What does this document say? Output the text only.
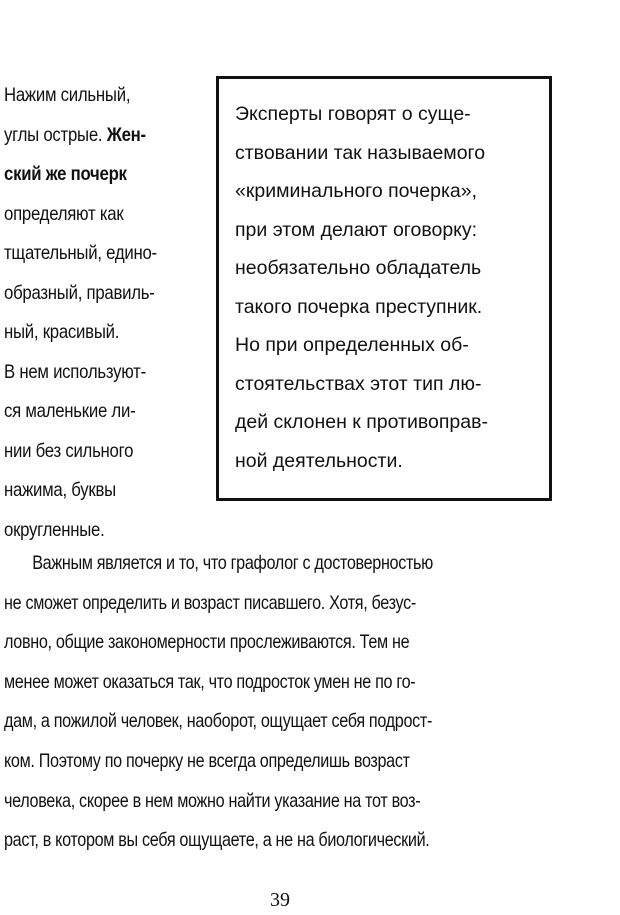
Нажим сильный,
углы острые. Жен-
ский же почерк
определяют как
тщательный, едино-
образный, правиль-
ный, красивый.
В нем используют-
ся маленькие ли-
нии без сильного
нажима, буквы
округленные.
Эксперты говорят о суще-
ствовании так называемого
«криминального почерка»,
при этом делают оговорку:
необязательно обладатель
такого почерка преступник.
Но при определенных об-
стоятельствах этот тип лю-
дей склонен к противоправ-
ной деятельности.
Важным является и то, что графолог с достоверностью
не сможет определить и возраст писавшего. Хотя, безус-
ловно, общие закономерности прослеживаются. Тем не
менее может оказаться так, что подросток умен не по го-
дам, а пожилой человек, наоборот, ощущает себя подрост-
ком. Поэтому по почерку не всегда определишь возраст
человека, скорее в нем можно найти указание на тот воз-
раст, в котором вы себя ощущаете, а не на биологический.
39
